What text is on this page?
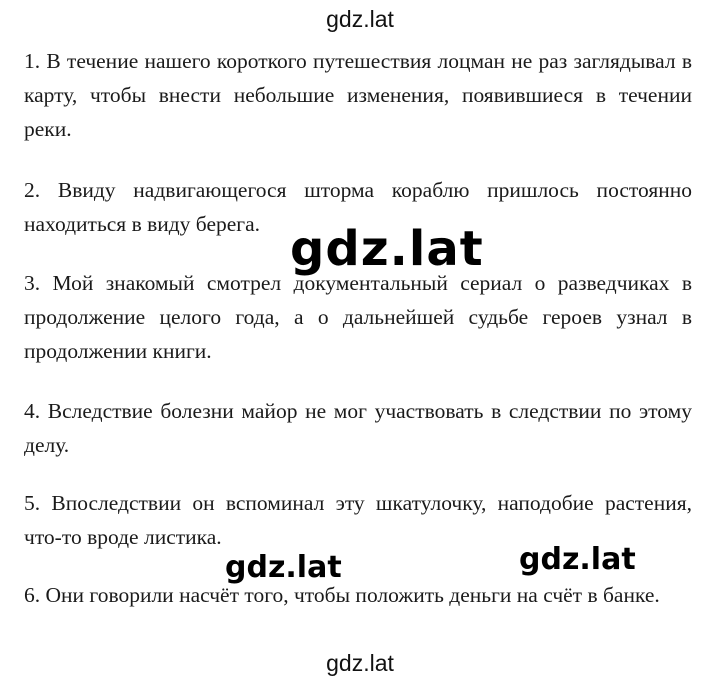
gdz.lat

1. В течение нашего короткого путешествия лоцман не раз заглядывал в карту, чтобы внести небольшие изменения, появившиеся в течении реки.

2. Ввиду надвигающегося шторма кораблю пришлось постоянно находиться в виду берега.

3. Мой знакомый смотрел документальный сериал о разведчиках в продолжение целого года, а о дальнейшей судьбе героев узнал в продолжении книги.

4. Вследствие болезни майор не мог участвовать в следствии по этому делу.

5. Впоследствии он вспоминал эту шкатулочку, наподобие растения, что-то вроде листика.

6. Они говорили насчёт того, чтобы положить деньги на счёт в банке.

gdz.lat
gdz.lat	gdz.lat
gdz.lat
